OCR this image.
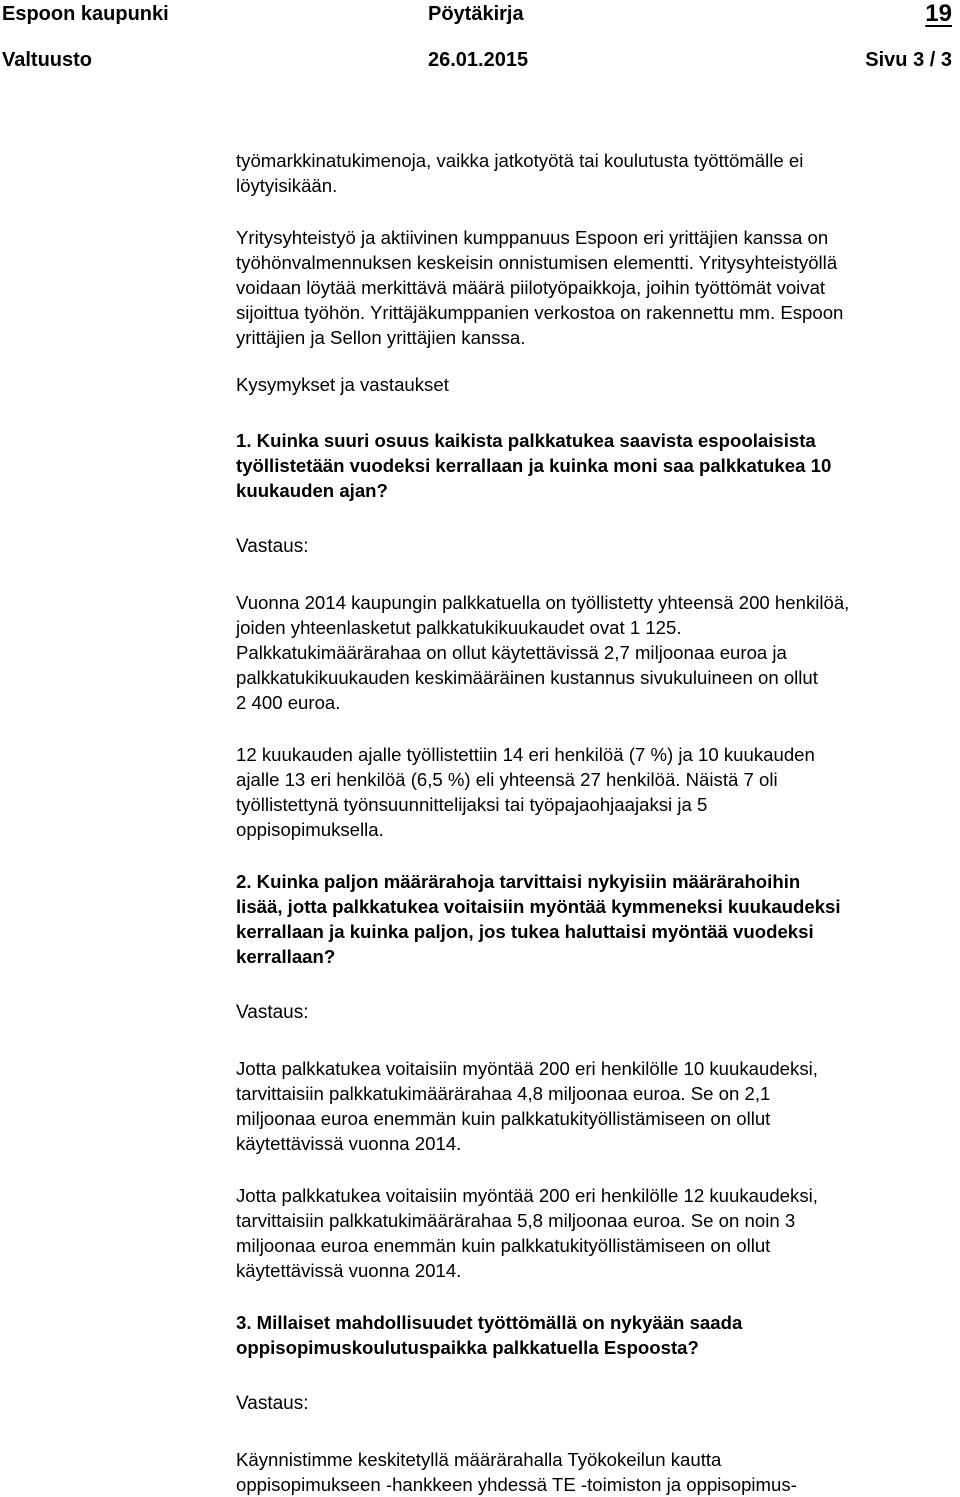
Espoon kaupunki	Pöytäkirja	19
Valtuusto	26.01.2015	Sivu 3 / 3

työmarkkinatukimenoja, vaikka jatkotyötä tai koulutusta työttömälle ei
löytyisikään.

Yritysyhteistyö ja aktiivinen kumppanuus Espoon eri yrittäjien kanssa on
työhönvalmennuksen keskeisin onnistumisen elementti. Yritysyhteistyöllä
voidaan löytää merkittävä määrä piilotyöpaikkoja, joihin työttömät voivat
sijoittua työhön. Yrittäjäkumppanien verkostoa on rakennettu mm. Espoon
yrittäjien ja Sellon yrittäjien kanssa.

Kysymykset ja vastaukset

1. Kuinka suuri osuus kaikista palkkatukea saavista espoolaisista
työllistetään vuodeksi kerrallaan ja kuinka moni saa palkkatukea 10
kuukauden ajan?

Vastaus:

Vuonna 2014 kaupungin palkkatuella on työllistetty yhteensä 200 henkilöä,
joiden yhteenlasketut palkkatukikuukaudet ovat 1 125.
Palkkatukimäärärahaa on ollut käytettävissä 2,7 miljoonaa euroa ja
palkkatukikuukauden keskimääräinen kustannus sivukuluineen on ollut
2 400 euroa.

12 kuukauden ajalle työllistettiin 14 eri henkilöä (7 %) ja 10 kuukauden
ajalle 13 eri henkilöä (6,5 %) eli yhteensä 27 henkilöä. Näistä 7 oli
työllistettynä työnsuunnittelijaksi tai työpajaohjaajaksi ja 5
oppisopimuksella.

2. Kuinka paljon määrärahoja tarvittaisi nykyisiin määrärahoihin
lisää, jotta palkkatukea voitaisiin myöntää kymmeneksi kuukaudeksi
kerrallaan ja kuinka paljon, jos tukea haluttaisi myöntää vuodeksi
kerrallaan?

Vastaus:

Jotta palkkatukea voitaisiin myöntää 200 eri henkilölle 10 kuukaudeksi,
tarvittaisiin palkkatukimäärärahaa 4,8 miljoonaa euroa. Se on 2,1
miljoonaa euroa enemmän kuin palkkatukityöllistämiseen on ollut
käytettävissä vuonna 2014.

Jotta palkkatukea voitaisiin myöntää 200 eri henkilölle 12 kuukaudeksi,
tarvittaisiin palkkatukimäärärahaa 5,8 miljoonaa euroa. Se on noin 3
miljoonaa euroa enemmän kuin palkkatukityöllistämiseen on ollut
käytettävissä vuonna 2014.

3. Millaiset mahdollisuudet työttömällä on nykyään saada
oppisopimuskoulutuspaikka palkkatuella Espoosta?

Vastaus:

Käynnistimme keskitetyllä määrärahalla Työkokeilun kautta
oppisopimukseen -hankkeen yhdessä TE -toimiston ja oppisopimus-
